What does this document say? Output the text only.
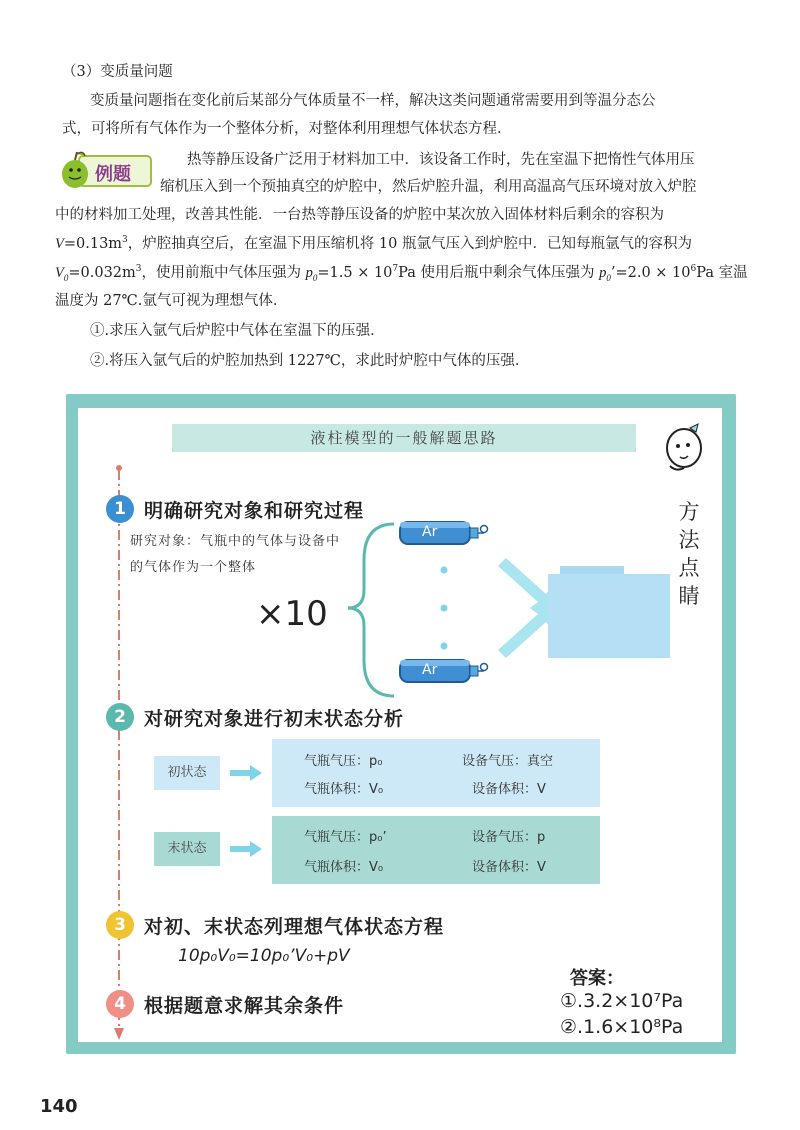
（3）变质量问题
变质量问题指在变化前后某部分气体质量不一样，解决这类问题通常需要用到等温分态公
式，可将所有气体作为一个整体分析，对整体利用理想气体状态方程.
例题
热等静压设备广泛用于材料加工中．该设备工作时，先在室温下把惰性气体用压
缩机压入到一个预抽真空的炉腔中，然后炉腔升温，利用高温高气压环境对放入炉腔
中的材料加工处理，改善其性能．一台热等静压设备的炉腔中某次放入固体材料后剩余的容积为
$V=0.13m^3$，炉腔抽真空后，在室温下用压缩机将 10 瓶氩气压入到炉腔中．已知每瓶氩气的容积为
$V_0=0.032m^3$，使用前瓶中气体压强为 $p_0=1.5 \times 10^7Pa$ 使用后瓶中剩余气体压强为 $p_0’=2.0 \times 10^6Pa$ 室温
温度为 27℃.氩气可视为理想气体．
①.求压入氩气后炉腔中气体在室温下的压强．
②.将压入氩气后的炉腔加热到 1227℃，求此时炉腔中气体的压强．
液柱模型的一般解题思路
方
法
点
睛
1 明确研究对象和研究过程
研究对象：气瓶中的气体与设备中
的气体作为一个整体
×10
Ar
Ar
2 对研究对象进行初末状态分析
初状态
气瓶气压：p₀	设备气压：真空
气瓶体积：V₀	设备体积：V
末状态
气瓶气压：p₀’	设备气压：p
气瓶体积：V₀	设备体积：V
3 对初、末状态列理想气体状态方程
10p₀V₀=10p₀’V₀+pV
4 根据题意求解其余条件
答案：
①.3.2×10⁷Pa
②.1.6×10⁸Pa
140
